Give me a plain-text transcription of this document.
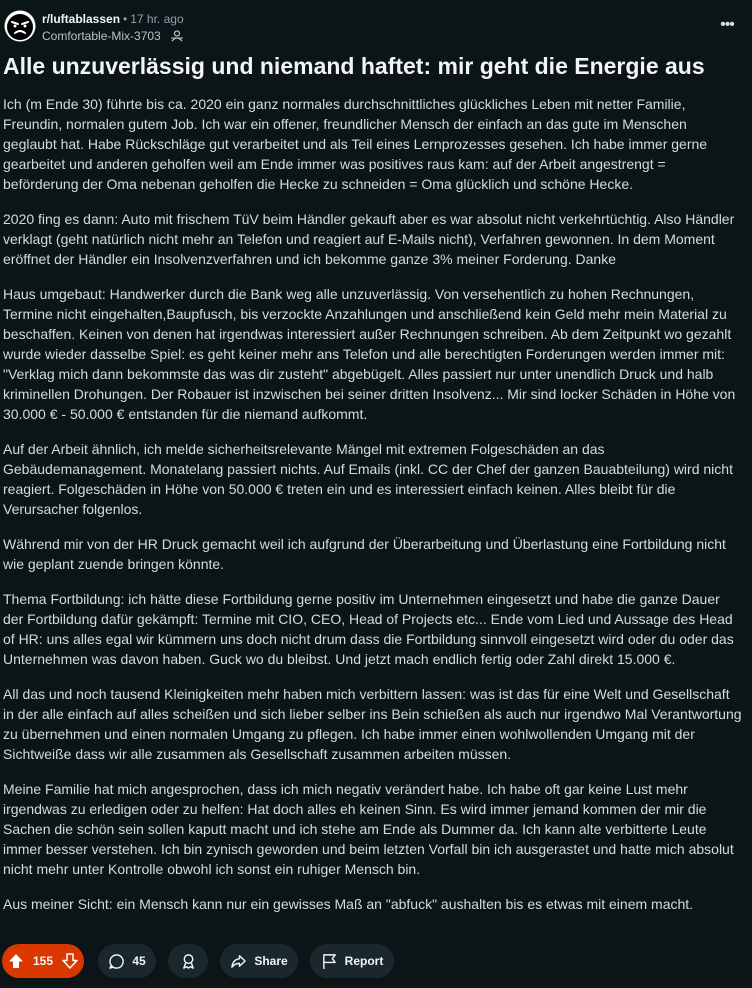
r/luftablassen • 17 hr. ago
Comfortable-Mix-3703
•••
Alle unzuverlässig und niemand haftet: mir geht die Energie aus

Ich (m Ende 30) führte bis ca. 2020 ein ganz normales durchschnittliches glückliches Leben mit netter Familie, Freundin, normalen gutem Job. Ich war ein offener, freundlicher Mensch der einfach an das gute im Menschen geglaubt hat. Habe Rückschläge gut verarbeitet und als Teil eines Lernprozesses gesehen. Ich habe immer gerne gearbeitet und anderen geholfen weil am Ende immer was positives raus kam: auf der Arbeit angestrengt = beförderung der Oma nebenan geholfen die Hecke zu schneiden = Oma glücklich und schöne Hecke.

2020 fing es dann: Auto mit frischem TüV beim Händler gekauft aber es war absolut nicht verkehrtüchtig. Also Händler verklagt (geht natürlich nicht mehr an Telefon und reagiert auf E-Mails nicht), Verfahren gewonnen. In dem Moment eröffnet der Händler ein Insolvenzverfahren und ich bekomme ganze 3% meiner Forderung. Danke

Haus umgebaut: Handwerker durch die Bank weg alle unzuverlässig. Von versehentlich zu hohen Rechnungen, Termine nicht eingehalten,Baupfusch, bis verzockte Anzahlungen und anschließend kein Geld mehr mein Material zu beschaffen. Keinen von denen hat irgendwas interessiert außer Rechnungen schreiben. Ab dem Zeitpunkt wo gezahlt wurde wieder dasselbe Spiel: es geht keiner mehr ans Telefon und alle berechtigten Forderungen werden immer mit: "Verklag mich dann bekommste das was dir zusteht" abgebügelt. Alles passiert nur unter unendlich Druck und halb kriminellen Drohungen. Der Robauer ist inzwischen bei seiner dritten Insolvenz... Mir sind locker Schäden in Höhe von 30.000 € - 50.000 € entstanden für die niemand aufkommt.

Auf der Arbeit ähnlich, ich melde sicherheitsrelevante Mängel mit extremen Folgeschäden an das Gebäudemanagement. Monatelang passiert nichts. Auf Emails (inkl. CC der Chef der ganzen Bauabteilung) wird nicht reagiert. Folgeschäden in Höhe von 50.000 € treten ein und es interessiert einfach keinen. Alles bleibt für die Verursacher folgenlos.

Während mir von der HR Druck gemacht weil ich aufgrund der Überarbeitung und Überlastung eine Fortbildung nicht wie geplant zuende bringen könnte.

Thema Fortbildung: ich hätte diese Fortbildung gerne positiv im Unternehmen eingesetzt und habe die ganze Dauer der Fortbildung dafür gekämpft: Termine mit CIO, CEO, Head of Projects etc... Ende vom Lied und Aussage des Head of HR: uns alles egal wir kümmern uns doch nicht drum dass die Fortbildung sinnvoll eingesetzt wird oder du oder das Unternehmen was davon haben. Guck wo du bleibst. Und jetzt mach endlich fertig oder Zahl direkt 15.000 €.

All das und noch tausend Kleinigkeiten mehr haben mich verbittern lassen: was ist das für eine Welt und Gesellschaft in der alle einfach auf alles scheißen und sich lieber selber ins Bein schießen als auch nur irgendwo Mal Verantwortung zu übernehmen und einen normalen Umgang zu pflegen. Ich habe immer einen wohlwollenden Umgang mit der Sichtweiße dass wir alle zusammen als Gesellschaft zusammen arbeiten müssen.

Meine Familie hat mich angesprochen, dass ich mich negativ verändert habe. Ich habe oft gar keine Lust mehr irgendwas zu erledigen oder zu helfen: Hat doch alles eh keinen Sinn. Es wird immer jemand kommen der mir die Sachen die schön sein sollen kaputt macht und ich stehe am Ende als Dummer da. Ich kann alte verbitterte Leute immer besser verstehen. Ich bin zynisch geworden und beim letzten Vorfall bin ich ausgerastet und hatte mich absolut nicht mehr unter Kontrolle obwohl ich sonst ein ruhiger Mensch bin.

Aus meiner Sicht: ein Mensch kann nur ein gewisses Maß an "abfuck" aushalten bis es etwas mit einem macht.

155	45	Share	Report
